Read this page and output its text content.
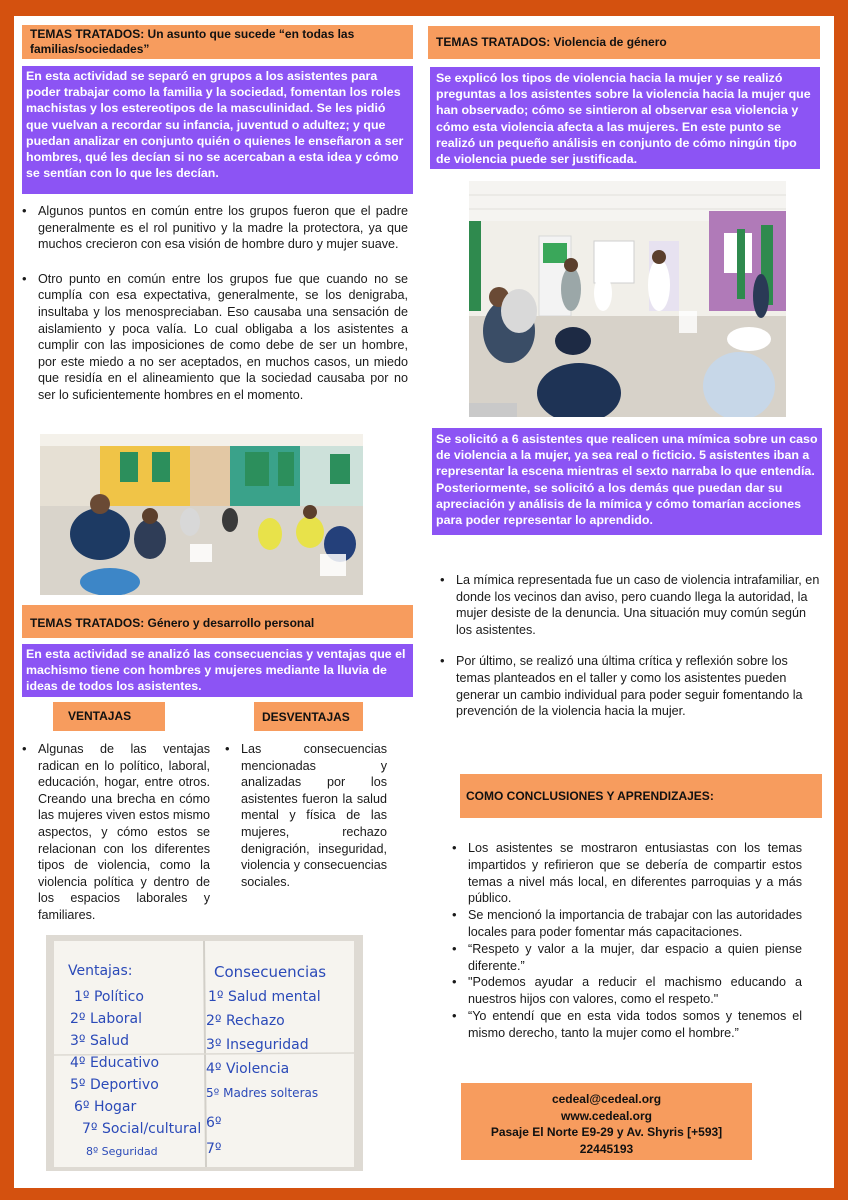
TEMAS TRATADOS: Un asunto que sucede “en todas las familias/sociedades”
En esta actividad se separó en grupos a los asistentes para poder trabajar como la familia y la sociedad, fomentan los roles machistas y los estereotipos de la masculinidad. Se les pidió que vuelvan a recordar su infancia, juventud o adultez; y que puedan analizar en conjunto quién o quienes le enseñaron a ser hombres, qué les decían si no se acercaban a esta idea y cómo se sentían con lo que les decían.
• Algunos puntos en común entre los grupos fueron que el padre generalmente es el rol punitivo y la madre la protectora, ya que muchos crecieron con esa visión de hombre duro y mujer suave.
• Otro punto en común entre los grupos fue que cuando no se cumplía con esa expectativa, generalmente, se los denigraba, insultaba y los menospreciaban. Eso causaba una sensación de aislamiento y poca valía. Lo cual obligaba a los asistentes a cumplir con las imposiciones de como debe de ser un hombre, por este miedo a no ser aceptados, en muchos casos, un miedo que residía en el alineamiento que la sociedad causaba por no ser lo suficientemente hombres en el momento.
TEMAS TRATADOS: Género y desarrollo personal
En esta actividad se analizó las consecuencias y ventajas que el machismo tiene con hombres y mujeres mediante la lluvia de ideas de todos los asistentes.
VENTAJAS	DESVENTAJAS
• Algunas de las ventajas radican en lo político, laboral, educación, hogar, entre otros. Creando una brecha en cómo las mujeres viven estos mismo aspectos, y cómo estos se relacionan con los diferentes tipos de violencia, como la violencia política y dentro de los espacios laborales y familiares.
• Las consecuencias mencionadas y analizadas por los asistentes fueron la salud mental y física de las mujeres, rechazo denigración, inseguridad, violencia y consecuencias sociales.
Ventajas:
1º Político
2º Laboral
3º Salud
4º Educativo
5º Deportivo
6º Hogar
7º Social/cultural
8º Seguridad
Consecuencias
1º Salud mental
2º Rechazo
3º Inseguridad
4º Violencia
5º Madres solteras
6º
7º
TEMAS TRATADOS: Violencia de género
Se explicó los tipos de violencia hacia la mujer y se realizó preguntas a los asistentes sobre la violencia hacia la mujer que han observado; cómo se sintieron al observar esa violencia y cómo esta violencia afecta a las mujeres. En este punto se realizó un pequeño análisis en conjunto de cómo ningún tipo de violencia puede ser justificada.
Se solicitó a 6 asistentes que realicen una mímica sobre un caso de violencia a la mujer, ya sea real o ficticio. 5 asistentes iban a representar la escena mientras el sexto narraba lo que entendía. Posteriormente, se solicitó a los demás que puedan dar su apreciación y análisis de la mímica y cómo tomarían acciones para poder representar lo aprendido.
• La mímica representada fue un caso de violencia intrafamiliar, en donde los vecinos dan aviso, pero cuando llega la autoridad, la mujer desiste de la denuncia. Una situación muy común según los asistentes.
• Por último, se realizó una última crítica y reflexión sobre los temas planteados en el taller y como los asistentes pueden generar un cambio individual para poder seguir fomentando la prevención de la violencia hacia la mujer.
COMO CONCLUSIONES Y APRENDIZAJES:
• Los asistentes se mostraron entusiastas con los temas impartidos y refirieron que se debería de compartir estos temas a nivel más local, en diferentes parroquias y a más público.
• Se mencionó la importancia de trabajar con las autoridades locales para poder fomentar más capacitaciones.
• “Respeto y valor a la mujer, dar espacio a quien piense diferente.”
• "Podemos ayudar a reducir el machismo educando a nuestros hijos con valores, como el respeto."
• “Yo entendí que en esta vida todos somos y tenemos el mismo derecho, tanto la mujer como el hombre.”
cedeal@cedeal.org
www.cedeal.org
Pasaje El Norte E9-29 y Av. Shyris [+593] 22445193
